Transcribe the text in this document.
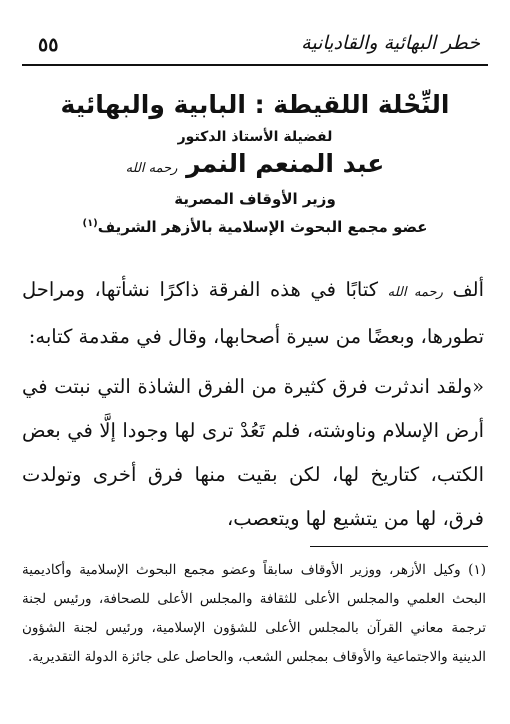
٥٥	خطر البهائية والقاديانية
النِّحْلة اللقيطة : البابية والبهائية
لفضيلة الأستاذ الدكتور
عبد المنعم النمر رحمه الله
وزير الأوقاف المصرية
عضو مجمع البحوث الإسلامية بالأزهر الشريف$^{(١)}$

ألف رحمه الله كتابًا في هذه الفرقة ذاكرًا نشأتها، ومراحل تطورها، وبعضًا من سيرة أصحابها، وقال في مقدمة كتابه:

«ولقد اندثرت فرق كثيرة من الفرق الشاذة التي نبتت في أرض الإسلام وناوشته، فلم تَعُدْ ترى لها وجودا إلَّا في بعض الكتب، كتاريخ لها، لكن بقيت منها فرق أخرى وتولدت فرق، لها من يتشيع لها ويتعصب،

(١) وكيل الأزهر، ووزير الأوقاف سابقاً وعضو مجمع البحوث الإسلامية وأكاديمية البحث العلمي والمجلس الأعلى للثقافة والمجلس الأعلى للصحافة، ورئيس لجنة ترجمة معاني القرآن بالمجلس الأعلى للشؤون الإسلامية، ورئيس لجنة الشؤون الدينية والاجتماعية والأوقاف بمجلس الشعب، والحاصل على جائزة الدولة التقديرية.
